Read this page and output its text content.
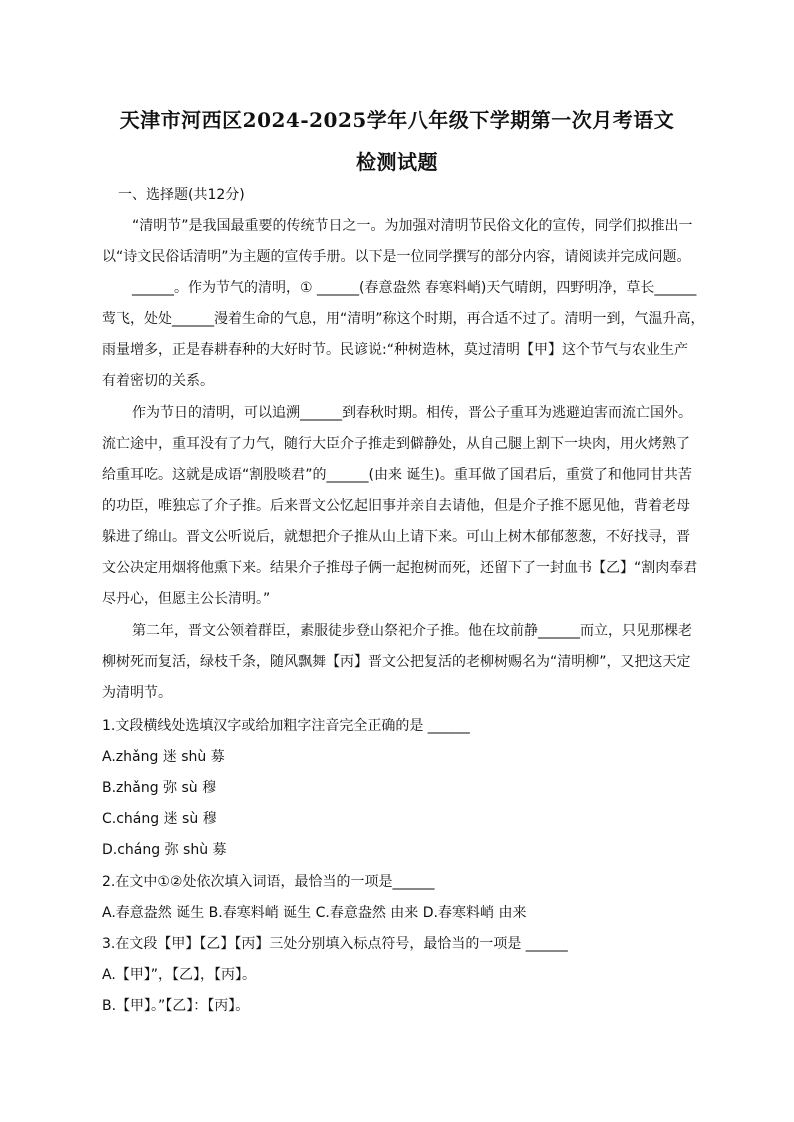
天津市河西区2024-2025学年八年级下学期第一次月考语文
检测试题
一、选择题(共12分)
“清明节”是我国最重要的传统节日之一。为加强对清明节民俗文化的宣传，同学们拟推出一
以“诗文民俗话清明”为主题的宣传手册。以下是一位同学撰写的部分内容，请阅读并完成问题。
______。作为节气的清明，① ______(春意盎然 春寒料峭)天气晴朗，四野明净，草长______
莺飞，处处______漫着生命的气息，用“清明”称这个时期，再合适不过了。清明一到，气温升高，
雨量增多，正是春耕春种的大好时节。民谚说:“种树造林，莫过清明【甲】这个节气与农业生产
有着密切的关系。
作为节日的清明，可以追溯______到春秋时期。相传，晋公子重耳为逃避迫害而流亡国外。
流亡途中，重耳没有了力气，随行大臣介子推走到僻静处，从自己腿上割下一块肉，用火烤熟了
给重耳吃。这就是成语“割股啖君”的______(由来 诞生)。重耳做了国君后，重赏了和他同甘共苦
的功臣，唯独忘了介子推。后来晋文公忆起旧事并亲自去请他，但是介子推不愿见他，背着老母
躲进了绵山。晋文公听说后，就想把介子推从山上请下来。可山上树木郁郁葱葱，不好找寻，晋
文公决定用烟将他熏下来。结果介子推母子俩一起抱树而死，还留下了一封血书【乙】“割肉奉君
尽丹心，但愿主公长清明。”
第二年，晋文公领着群臣，素服徒步登山祭祀介子推。他在坟前静______而立，只见那棵老
柳树死而复活，绿枝千条，随风飘舞【丙】晋文公把复活的老柳树赐名为“清明柳”，又把这天定
为清明节。
1.文段横线处选填汉字或给加粗字注音完全正确的是 ______
A.zhǎng 迷 shù 募
B.zhǎng 弥 sù 穆
C.cháng 迷 sù 穆
D.cháng 弥 shù 募
2.在文中①②处依次填入词语，最恰当的一项是______
A.春意盎然 诞生 B.春寒料峭 诞生 C.春意盎然 由来 D.春寒料峭 由来
3.在文段【甲】【乙】【丙】三处分别填入标点符号，最恰当的一项是 ______
A.【甲】”，【乙】，【丙】。
B.【甲】。”【乙】：【丙】。
